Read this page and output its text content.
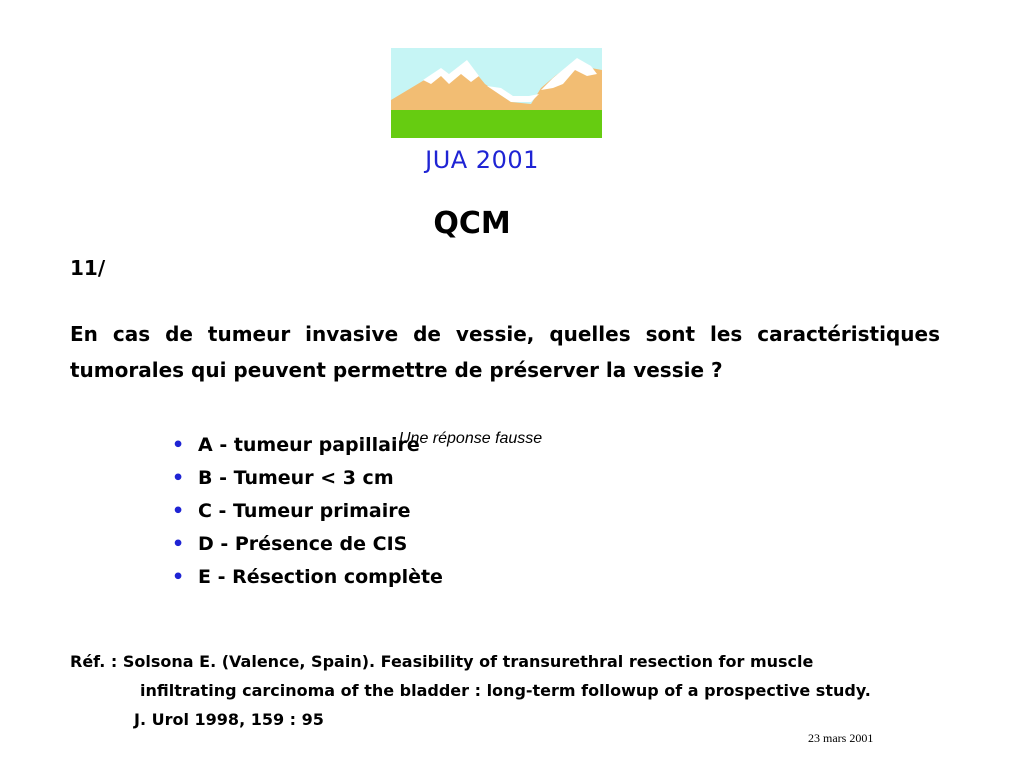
JUA 2001
QCM
11/
En cas de tumeur invasive de vessie, quelles sont les caractéristiques tumorales qui peuvent permettre de préserver la vessie ?
Une réponse fausse
• A - tumeur papillaire
• B - Tumeur < 3 cm
• C - Tumeur primaire
• D - Présence de CIS
• E - Résection complète
Réf. : Solsona E. (Valence, Spain). Feasibility of transurethral resection for muscle
infiltrating carcinoma of the bladder : long-term followup of a prospective study.
J. Urol 1998, 159 : 95
23 mars 2001
